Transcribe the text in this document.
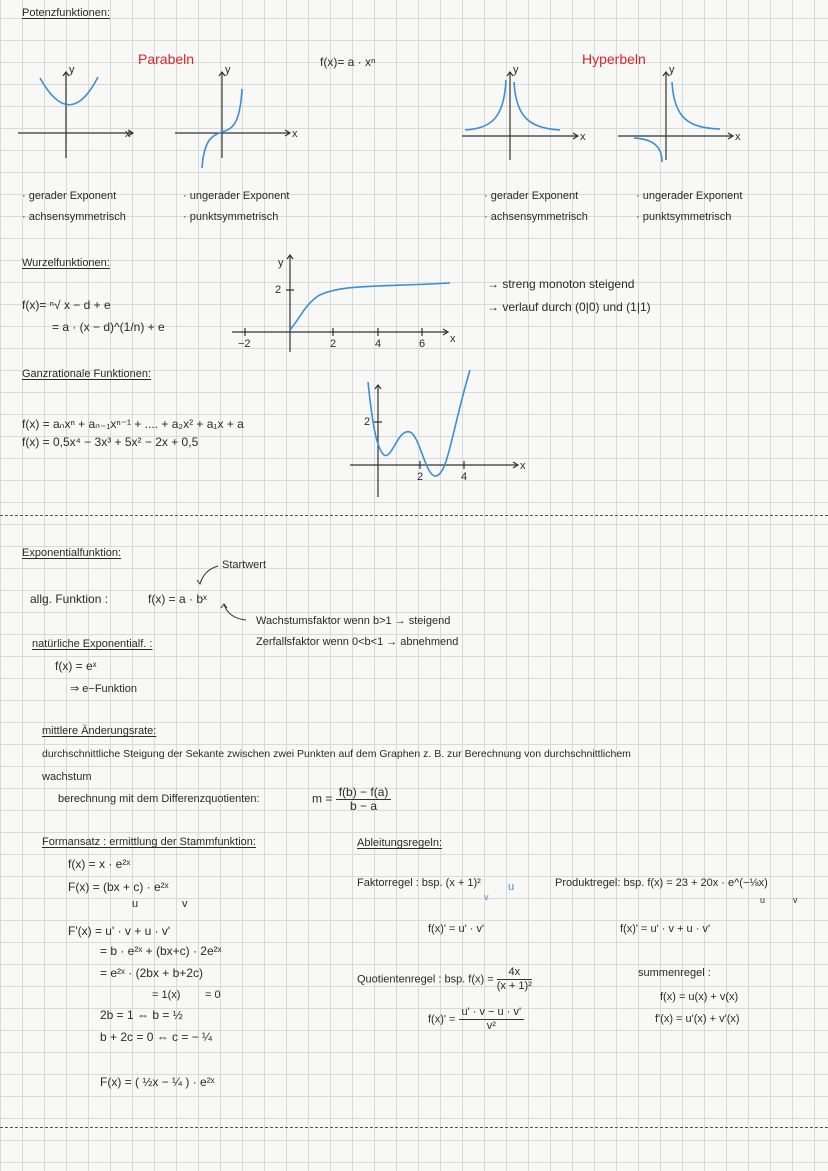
Potenzfunktionen:
Parabeln	f(x)= a · xⁿ	Hyperbeln
x
y
x
y
x
y
x
y
· gerader Exponent
· achsensymmetrisch
· ungerader Exponent
· punktsymmetrisch
· gerader Exponent
· achsensymmetrisch
· ungerader Exponent
· punktsymmetrisch
Wurzelfunktionen:
f(x)= ⁿ√ x − d + e
= a · (x − d)^(1/n) + e
−2	2	4	6
2
x
y
→ streng monoton steigend
→ verlauf durch (0|0) und (1|1)
Ganzrationale Funktionen:
f(x) = aₙxⁿ + aₙ₋₁xⁿ⁻¹ + .... + a₂x² + a₁x + a
f(x) = 0,5x⁴ − 3x³ + 5x² − 2x + 0,5
2
2	4
x
Exponentialfunktion:
Startwert
allg. Funktion :	f(x) = a · bˣ
Wachstumsfaktor wenn b>1 → steigend
Zerfallsfaktor wenn 0<b<1 → abnehmend
natürliche Exponentialf. :
f(x) = eˣ
⇒ e−Funktion
mittlere Änderungsrate:
durchschnittliche Steigung der Sekante zwischen zwei Punkten auf dem Graphen z. B. zur Berechnung von durchschnittlichem
wachstum
berechnung mit dem Differenzquotienten:	$m = \frac{f(b) - f(a)}{b - a}$
Formansatz : ermittlung der Stammfunktion:
f(x) = x · e²ˣ
F(x) = (bx + c) · e²ˣ
u	v
F'(x) = u' · v + u · v'
= b · e²ˣ + (bx+c) · 2e²ˣ
= e²ˣ · (2bx + b+2c)
= 1(x) = 0
2b = 1 ⇔ b = ½
b + 2c = 0 ⇔ c = − ¼
F(x) = ( ½x − ¼ ) · e²ˣ
Ableitungsregeln:
Faktorregel : bsp. (x + 1)² u
v
f(x)' = u' · v'
Produktregel: bsp. f(x) = 23 + 20x · e^(−⅛x)
u	v
f(x)' = u' · v + u · v'
Quotientenregel : bsp. $f(x) = \frac{4x}{\text{(x + 1)²}}$
$f(x)' = \frac{u' \cdot v - u \cdot v'}{\text{v²}}$
summenregel :
f(x) = u(x) + v(x)
f'(x) = u'(x) + v'(x)
